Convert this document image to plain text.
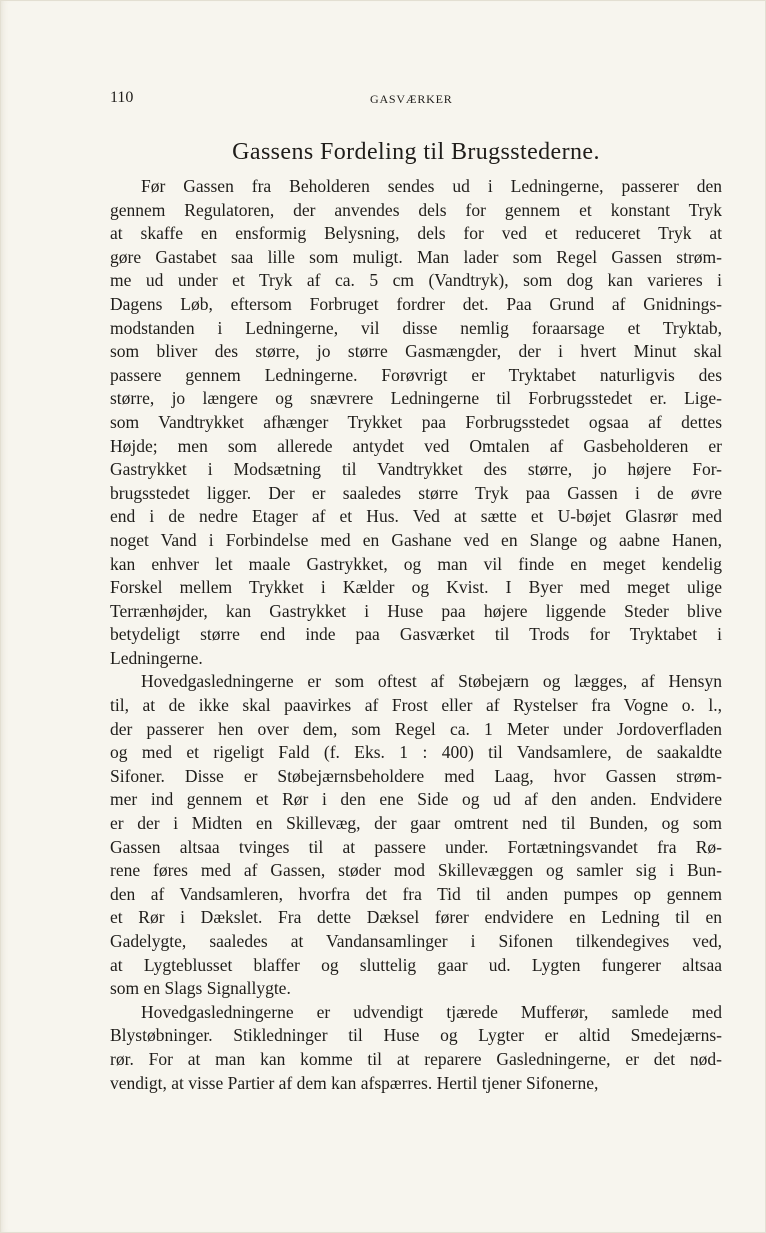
110	GASVÆRKER
Gassens Fordeling til Brugsstederne.
Før Gassen fra Beholderen sendes ud i Ledningerne, passerer den
gennem Regulatoren, der anvendes dels for gennem et konstant Tryk
at skaffe en ensformig Belysning, dels for ved et reduceret Tryk at
gøre Gastabet saa lille som muligt. Man lader som Regel Gassen strøm-
me ud under et Tryk af ca. 5 cm (Vandtryk), som dog kan varieres i
Dagens Løb, eftersom Forbruget fordrer det. Paa Grund af Gnidnings-
modstanden i Ledningerne, vil disse nemlig foraarsage et Tryktab,
som bliver des større, jo større Gasmængder, der i hvert Minut skal
passere gennem Ledningerne. Forøvrigt er Tryktabet naturligvis des
større, jo længere og snævrere Ledningerne til Forbrugsstedet er. Lige-
som Vandtrykket afhænger Trykket paa Forbrugsstedet ogsaa af dettes
Højde; men som allerede antydet ved Omtalen af Gasbeholderen er
Gastrykket i Modsætning til Vandtrykket des større, jo højere For-
brugsstedet ligger. Der er saaledes større Tryk paa Gassen i de øvre
end i de nedre Etager af et Hus. Ved at sætte et U-bøjet Glasrør med
noget Vand i Forbindelse med en Gashane ved en Slange og aabne Hanen,
kan enhver let maale Gastrykket, og man vil finde en meget kendelig
Forskel mellem Trykket i Kælder og Kvist. I Byer med meget ulige
Terrænhøjder, kan Gastrykket i Huse paa højere liggende Steder blive
betydeligt større end inde paa Gasværket til Trods for Tryktabet i
Ledningerne.
Hovedgasledningerne er som oftest af Støbejærn og lægges, af Hensyn
til, at de ikke skal paavirkes af Frost eller af Rystelser fra Vogne o. l.,
der passerer hen over dem, som Regel ca. 1 Meter under Jordoverfladen
og med et rigeligt Fald (f. Eks. 1 : 400) til Vandsamlere, de saakaldte
Sifoner. Disse er Støbejærnsbeholdere med Laag, hvor Gassen strøm-
mer ind gennem et Rør i den ene Side og ud af den anden. Endvidere
er der i Midten en Skillevæg, der gaar omtrent ned til Bunden, og som
Gassen altsaa tvinges til at passere under. Fortætningsvandet fra Rø-
rene føres med af Gassen, støder mod Skillevæggen og samler sig i Bun-
den af Vandsamleren, hvorfra det fra Tid til anden pumpes op gennem
et Rør i Dækslet. Fra dette Dæksel fører endvidere en Ledning til en
Gadelygte, saaledes at Vandansamlinger i Sifonen tilkendegives ved,
at Lygteblusset blaffer og sluttelig gaar ud. Lygten fungerer altsaa
som en Slags Signallygte.
Hovedgasledningerne er udvendigt tjærede Mufferør, samlede med
Blystøbninger. Stikledninger til Huse og Lygter er altid Smedejærns-
rør. For at man kan komme til at reparere Gasledningerne, er det nød-
vendigt, at visse Partier af dem kan afspærres. Hertil tjener Sifonerne,
